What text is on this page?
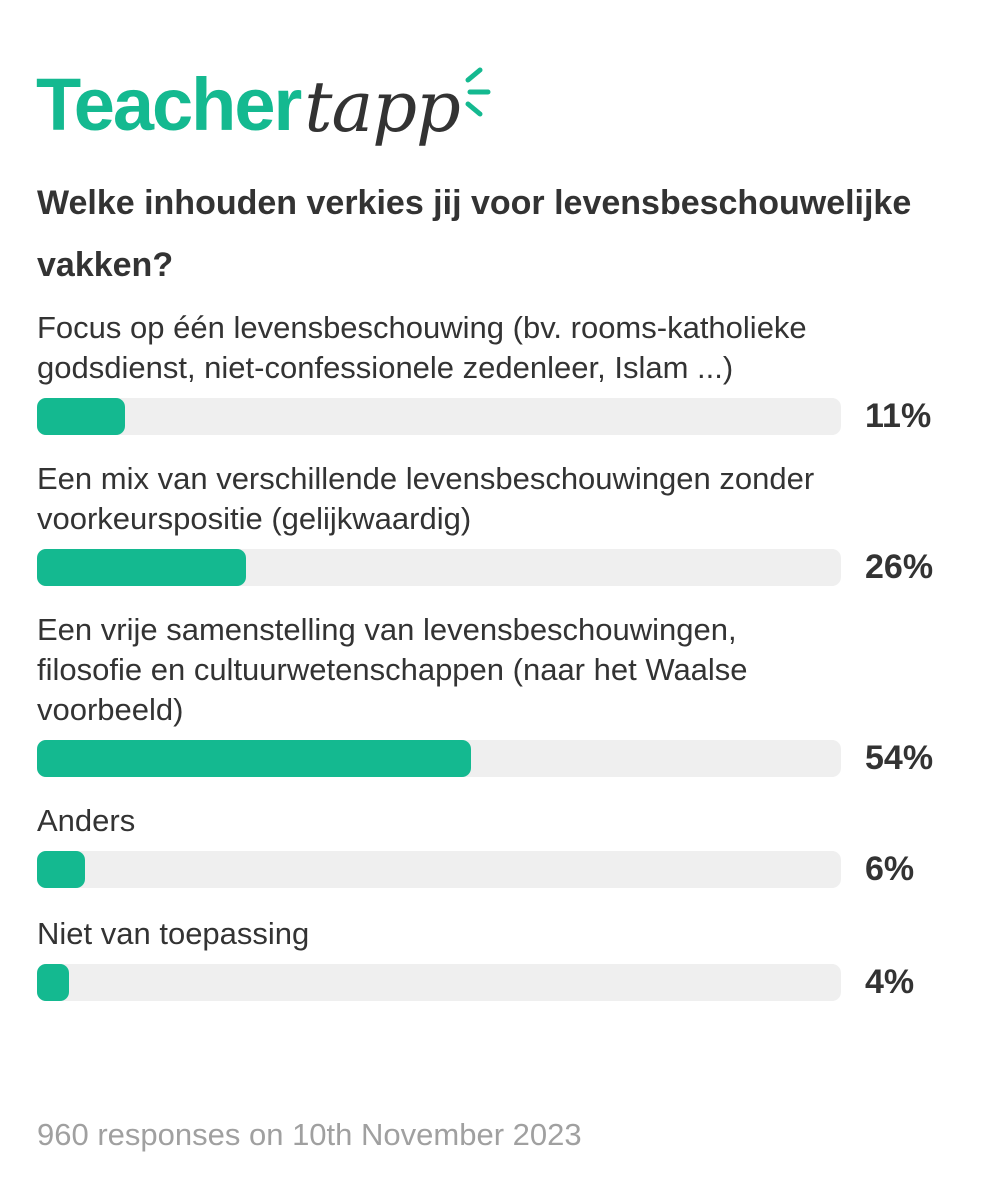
Teacher tapp
Welke inhouden verkies jij voor levensbeschouwelijke vakken?
Focus op één levensbeschouwing (bv. rooms-katholieke godsdienst, niet-confessionele zedenleer, Islam ...)
11%
Een mix van verschillende levensbeschouwingen zonder voorkeurspositie (gelijkwaardig)
26%
Een vrije samenstelling van levensbeschouwingen, filosofie en cultuurwetenschappen (naar het Waalse voorbeeld)
54%
Anders
6%
Niet van toepassing
4%
960 responses on 10th November 2023
